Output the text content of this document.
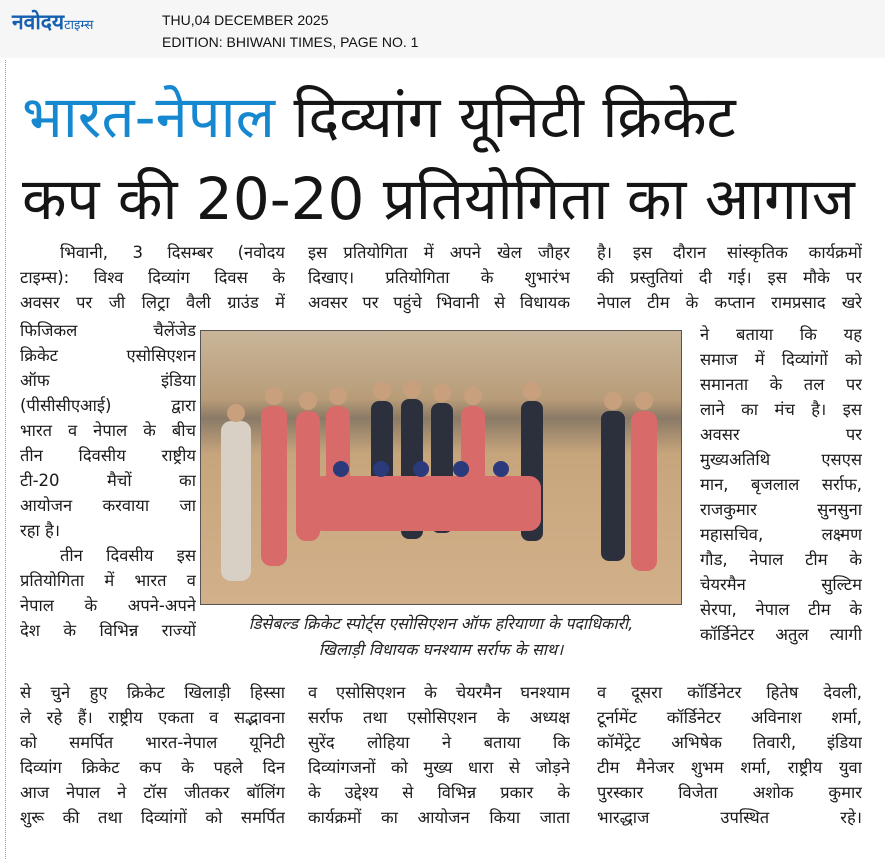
नवोदयटाइम्स	THU,04 DECEMBER 2025
EDITION: BHIWANI TIMES, PAGE NO. 1
भारत-नेपाल दिव्यांग यूनिटी क्रिकेट
कप की 20-20 प्रतियोगिता का आगाज
भिवानी, 3 दिसम्बर (नवोदय
टाइम्स): विश्व दिव्यांग दिवस के
अवसर पर जी लिट्रा वैली ग्राउंड में
फिजिकल चैलेंजेड
क्रिकेट एसोसिएशन
ऑफ इंडिया
(पीसीसीएआई) द्वारा
भारत व नेपाल के बीच
तीन दिवसीय राष्ट्रीय
टी-20 मैचों का
आयोजन करवाया जा
रहा है।
तीन दिवसीय इस
प्रतियोगिता में भारत व
नेपाल के अपने-अपने
देश के विभिन्न राज्यों
से चुने हुए क्रिकेट खिलाड़ी हिस्सा
ले रहे हैं। राष्ट्रीय एकता व सद्भावना
को समर्पित भारत-नेपाल यूनिटी
दिव्यांग क्रिकेट कप के पहले दिन
आज नेपाल ने टॉस जीतकर बॉलिंग
शुरू की तथा दिव्यांगों को समर्पित
इस प्रतियोगिता में अपने खेल जौहर
दिखाए। प्रतियोगिता के शुभारंभ
अवसर पर पहुंचे भिवानी से विधायक
व एसोसिएशन के चेयरमैन घनश्याम
सर्राफ तथा एसोसिएशन के अध्यक्ष
सुरेंद लोहिया ने बताया कि
दिव्यांगजनों को मुख्य धारा से जोड़ने
के उद्देश्य से विभिन्न प्रकार के
कार्यक्रमों का आयोजन किया जाता
है। इस दौरान सांस्कृतिक कार्यक्रमों
की प्रस्तुतियां दी गई। इस मौके पर
नेपाल टीम के कप्तान रामप्रसाद खरे
ने बताया कि यह
समाज में दिव्यांगों को
समानता के तल पर
लाने का मंच है। इस
अवसर पर
मुख्यअतिथि एसएस
मान, बृजलाल सर्राफ,
राजकुमार सुनसुना
महासचिव, लक्ष्मण
गौड, नेपाल टीम के
चेयरमैन सुल्टिम
सेरपा, नेपाल टीम के
कॉर्डिनेटर अतुल त्यागी
व दूसरा कॉर्डिनेटर हितेष देवली,
टूर्नामेंट कॉर्डिनेटर अविनाश शर्मा,
कॉमेंट्रेट अभिषेक तिवारी, इंडिया
टीम मैनेजर शुभम शर्मा, राष्ट्रीय युवा
पुरस्कार विजेता अशोक कुमार
भारद्धाज उपस्थित रहे।
डिसेबल्ड क्रिकेट स्पोर्ट्स एसोसिएशन ऑफ हरियाणा के पदाधिकारी,
खिलाड़ी विधायक घनश्याम सर्राफ के साथ।
